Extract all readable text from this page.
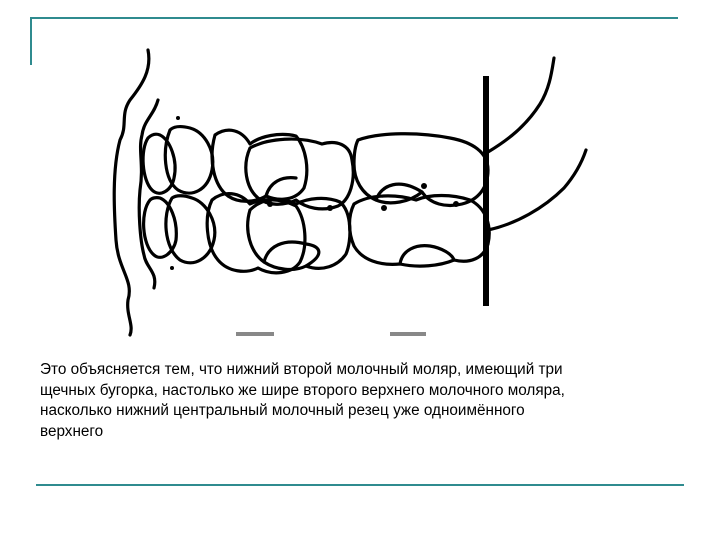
Это объясняется тем, что нижний второй молочный моляр, имеющий три
щечных бугорка, настолько же шире второго верхнего молочного моляра,
насколько нижний центральный молочный резец уже одноимённого
верхнего
